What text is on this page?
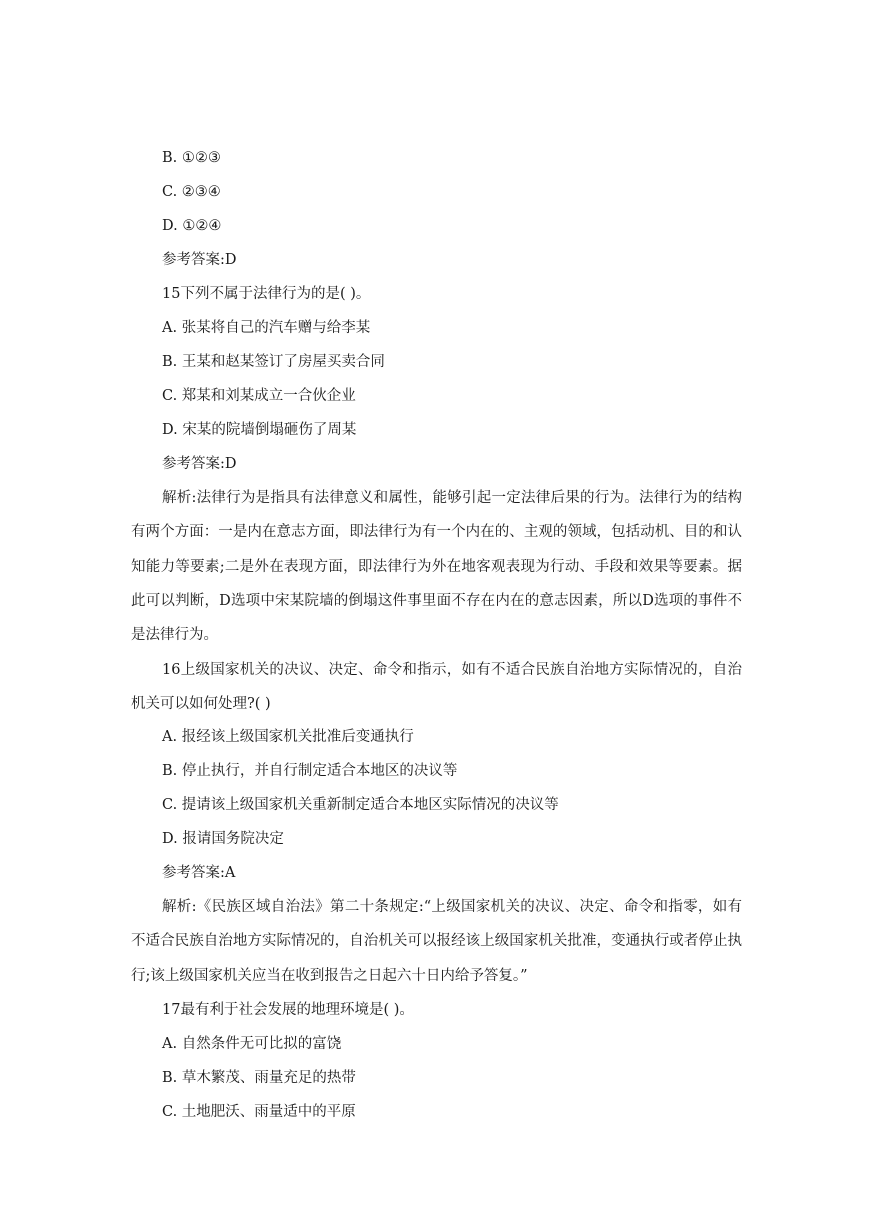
B. ①②③
C. ②③④
D. ①②④
参考答案:D
15下列不属于法律行为的是( )。
A. 张某将自己的汽车赠与给李某
B. 王某和赵某签订了房屋买卖合同
C. 郑某和刘某成立一合伙企业
D. 宋某的院墙倒塌砸伤了周某
参考答案:D
解析:法律行为是指具有法律意义和属性，能够引起一定法律后果的行为。法律行为的结构有两个方面：一是内在意志方面，即法律行为有一个内在的、主观的领域，包括动机、目的和认知能力等要素;二是外在表现方面，即法律行为外在地客观表现为行动、手段和效果等要素。据此可以判断，D选项中宋某院墙的倒塌这件事里面不存在内在的意志因素，所以D选项的事件不是法律行为。
16上级国家机关的决议、决定、命令和指示，如有不适合民族自治地方实际情况的，自治机关可以如何处理?( )
A. 报经该上级国家机关批准后变通执行
B. 停止执行，并自行制定适合本地区的决议等
C. 提请该上级国家机关重新制定适合本地区实际情况的决议等
D. 报请国务院决定
参考答案:A
解析:《民族区域自治法》第二十条规定:“上级国家机关的决议、决定、命令和指零，如有不适合民族自治地方实际情况的，自治机关可以报经该上级国家机关批准，变通执行或者停止执行;该上级国家机关应当在收到报告之日起六十日内给予答复。”
17最有利于社会发展的地理环境是( )。
A. 自然条件无可比拟的富饶
B. 草木繁茂、雨量充足的热带
C. 土地肥沃、雨量适中的平原
